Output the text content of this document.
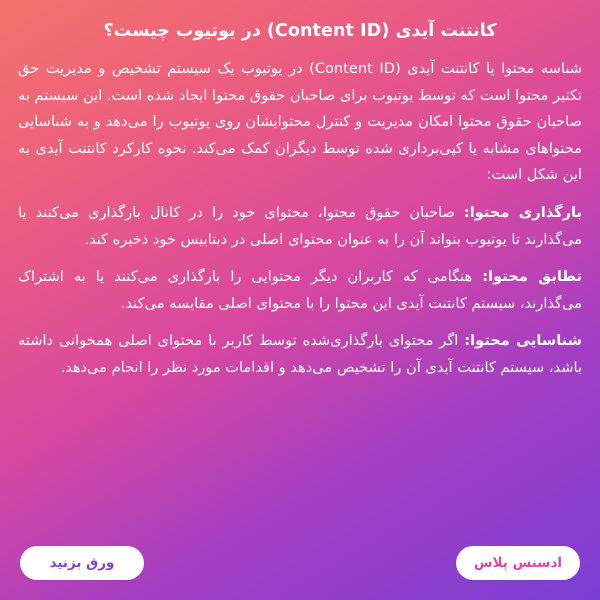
کانتنت آیدی (Content ID) در یوتیوب چیست؟

شناسه محتوا یا کانتنت آیدی (Content ID) در یوتیوب یک سیستم تشخیص و مدیریت حق تکثیر محتوا است که توسط یوتیوب برای صاحبان حقوق محتوا ایجاد شده است. این سیستم به صاحبان حقوق محتوا امکان مدیریت و کنترل محتوایشان روی یوتیوب را می‌دهد و به شناسایی محتواهای مشابه یا کپی‌برداری شده توسط دیگران کمک می‌کند. نحوه کارکرد کانتنت آیدی به این شکل است:

بارگذاری محتوا: صاحبان حقوق محتوا، محتوای خود را در کانال بارگذاری می‌کنند یا می‌گذارند تا یوتیوب بتواند آن را به عنوان محتوای اصلی در دیتابیس خود ذخیره کند.

تطابق محتوا: هنگامی که کاربران دیگر محتوایی را بارگذاری می‌کنند یا به اشتراک می‌گذارند، سیستم کانتنت آیدی این محتوا را با محتوای اصلی مقایسه می‌کند.

شناسایی محتوا: اگر محتوای بارگذاری‌شده توسط کاربر با محتوای اصلی همخوانی داشته باشد، سیستم کانتنت آیدی آن را تشخیص می‌دهد و اقدامات مورد نظر را انجام می‌دهد.

ادسنس پلاس
ورق بزنید
